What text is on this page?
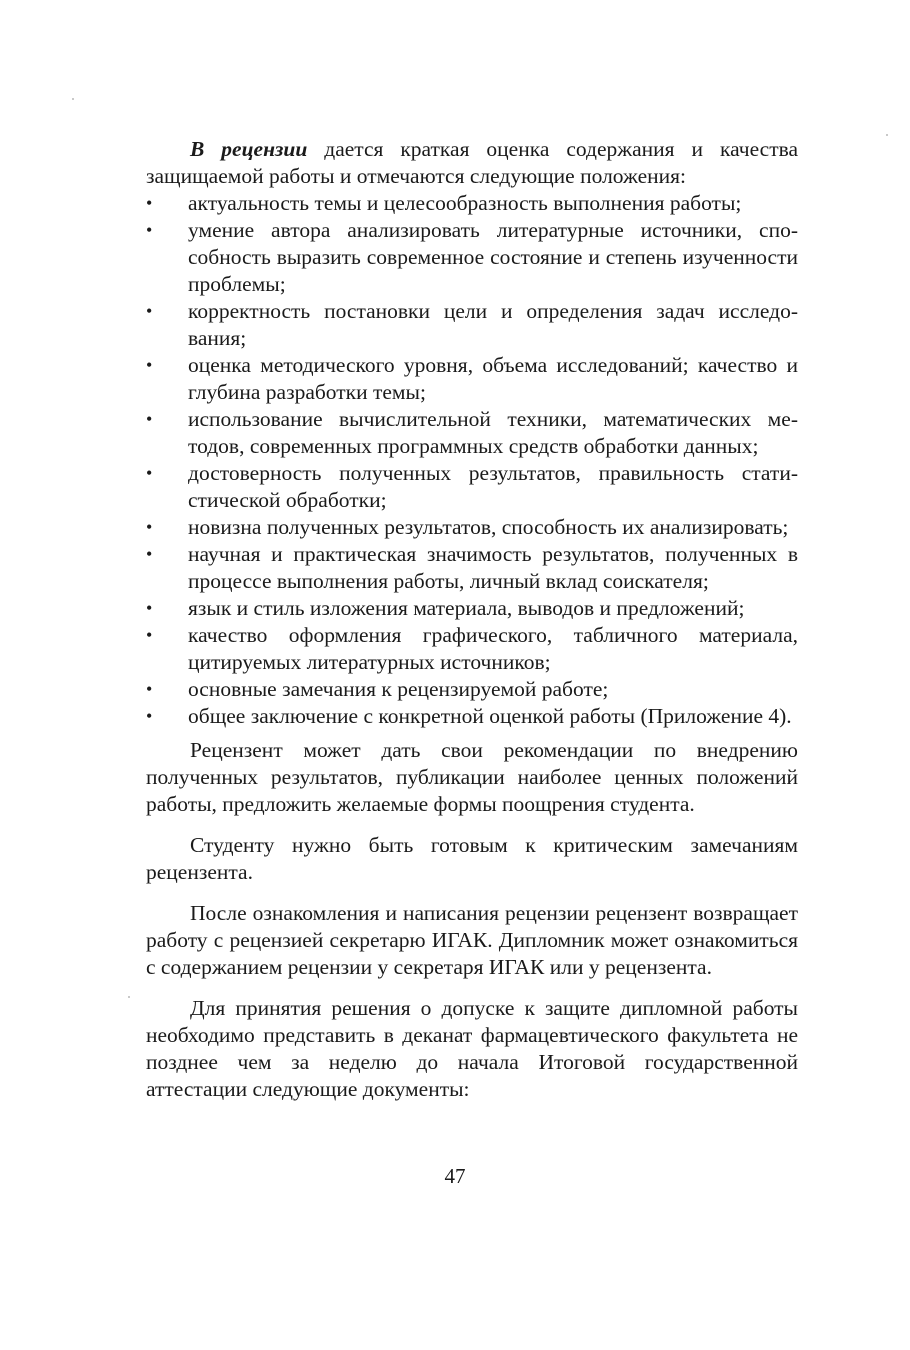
В рецензии дается краткая оценка содержания и качества защищаемой работы и отмечаются следующие положения:

• актуальность темы и целесообразность выполнения работы;
• умение автора анализировать литературные источники, способность выразить современное состояние и степень изученности проблемы;
• корректность постановки цели и определения задач исследования;
• оценка методического уровня, объема исследований; качество и глубина разработки темы;
• использование вычислительной техники, математических методов, современных программных средств обработки данных;
• достоверность полученных результатов, правильность статистической обработки;
• новизна полученных результатов, способность их анализировать;
• научная и практическая значимость результатов, полученных в процессе выполнения работы, личный вклад соискателя;
• язык и стиль изложения материала, выводов и предложений;
• качество оформления графического, табличного материала, цитируемых литературных источников;
• основные замечания к рецензируемой работе;
• общее заключение с конкретной оценкой работы (Приложение 4).

Рецензент может дать свои рекомендации по внедрению полученных результатов, публикации наиболее ценных положений работы, предложить желаемые формы поощрения студента.

Студенту нужно быть готовым к критическим замечаниям рецензента.

После ознакомления и написания рецензии рецензент возвращает работу с рецензией секретарю ИГАК. Дипломник может ознакомиться с содержанием рецензии у секретаря ИГАК или у рецензента.

Для принятия решения о допуске к защите дипломной работы необходимо представить в деканат фармацевтического факультета не позднее чем за неделю до начала Итоговой государственной аттестации следующие документы:

47
